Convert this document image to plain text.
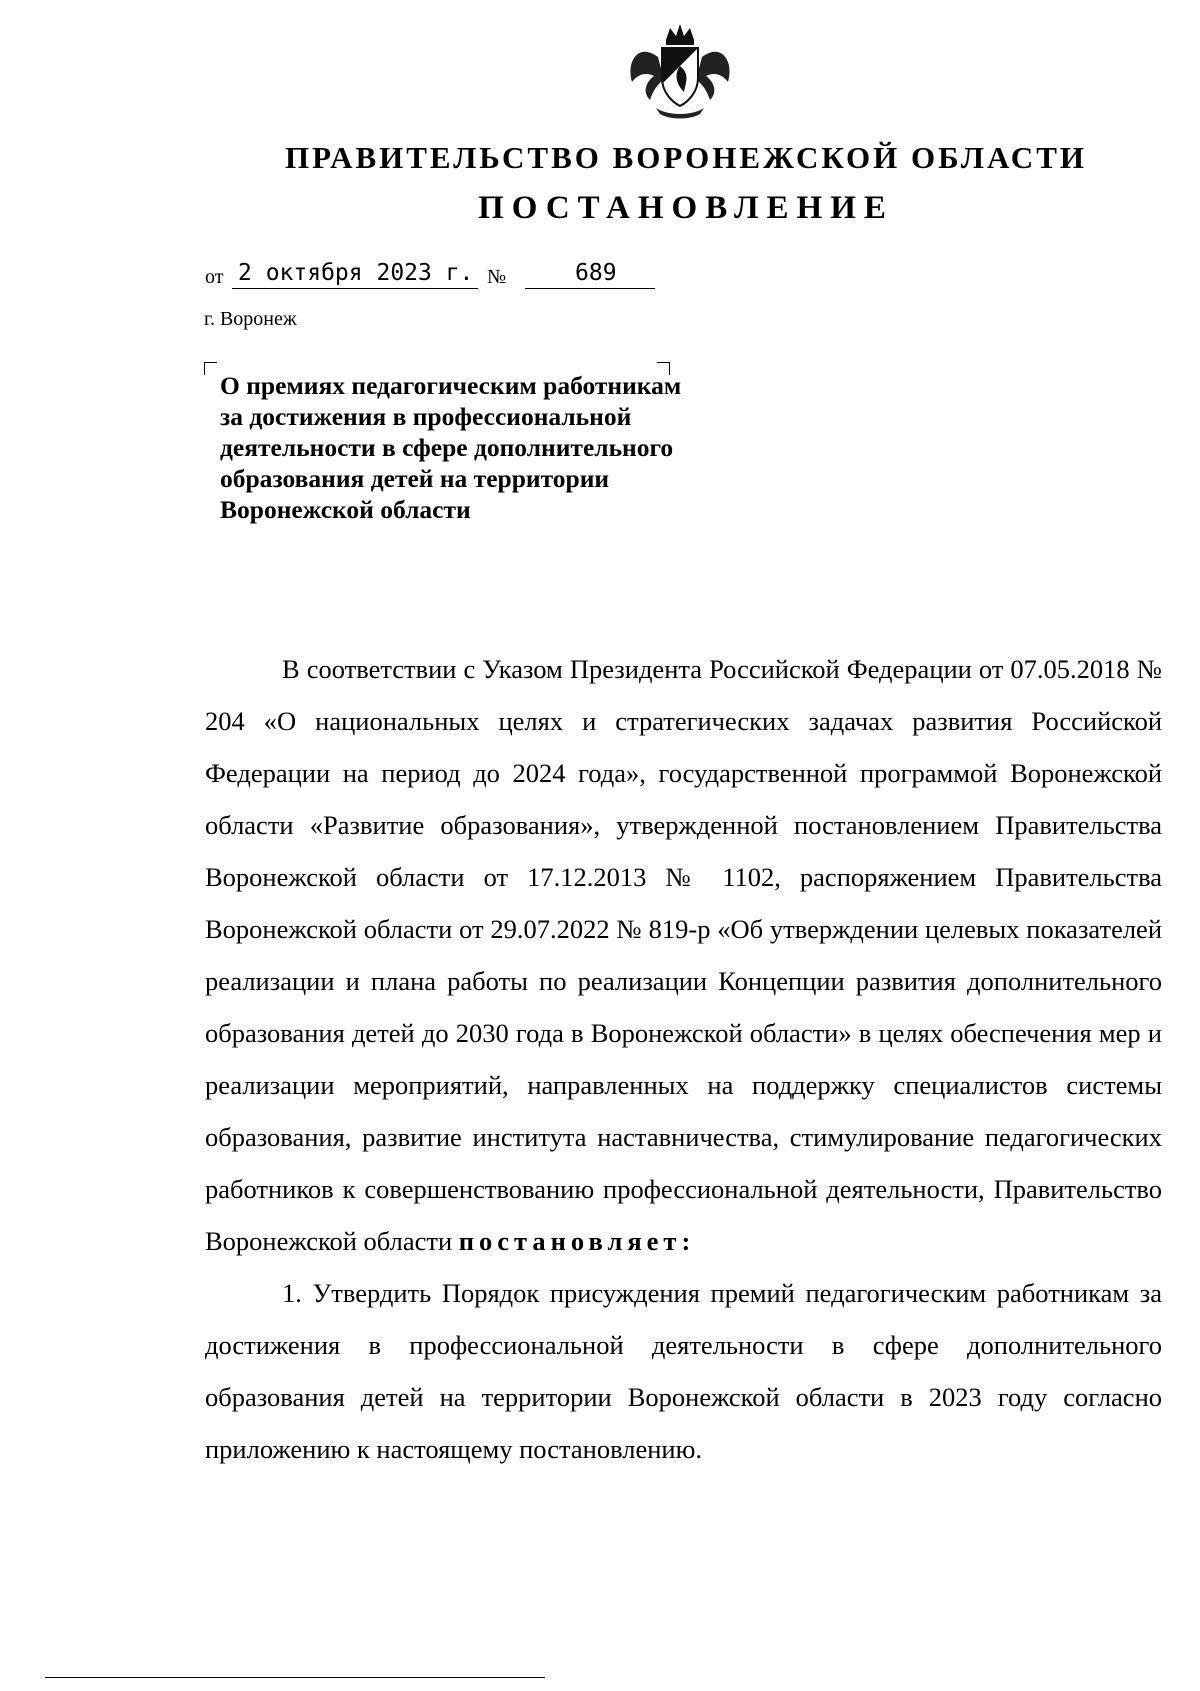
ПРАВИТЕЛЬСТВО ВОРОНЕЖСКОЙ ОБЛАСТИ
ПОСТАНОВЛЕНИЕ
от 2 октября 2023 г. №	689
г. Воронеж
О премиях педагогическим работникам за достижения в профессиональной деятельности в сфере дополнительного образования детей на территории Воронежской области

В соответствии с Указом Президента Российской Федерации от 07.05.2018 № 204 «О национальных целях и стратегических задачах развития Российской Федерации на период до 2024 года», государственной программой Воронежской области «Развитие образования», утвержденной постановлением Правительства Воронежской области от 17.12.2013 № 1102, распоряжением Правительства Воронежской области от 29.07.2022 № 819-р «Об утверждении целевых показателей реализации и плана работы по реализации Концепции развития дополнительного образования детей до 2030 года в Воронежской области» в целях обеспечения мер и реализации мероприятий, направленных на поддержку специалистов системы образования, развитие института наставничества, стимулирование педагогических работников к совершенствованию профессиональной деятельности, Правительство Воронежской области постановляет:

1. Утвердить Порядок присуждения премий педагогическим работникам за достижения в профессиональной деятельности в сфере дополнительного образования детей на территории Воронежской области в 2023 году согласно приложению к настоящему постановлению.
